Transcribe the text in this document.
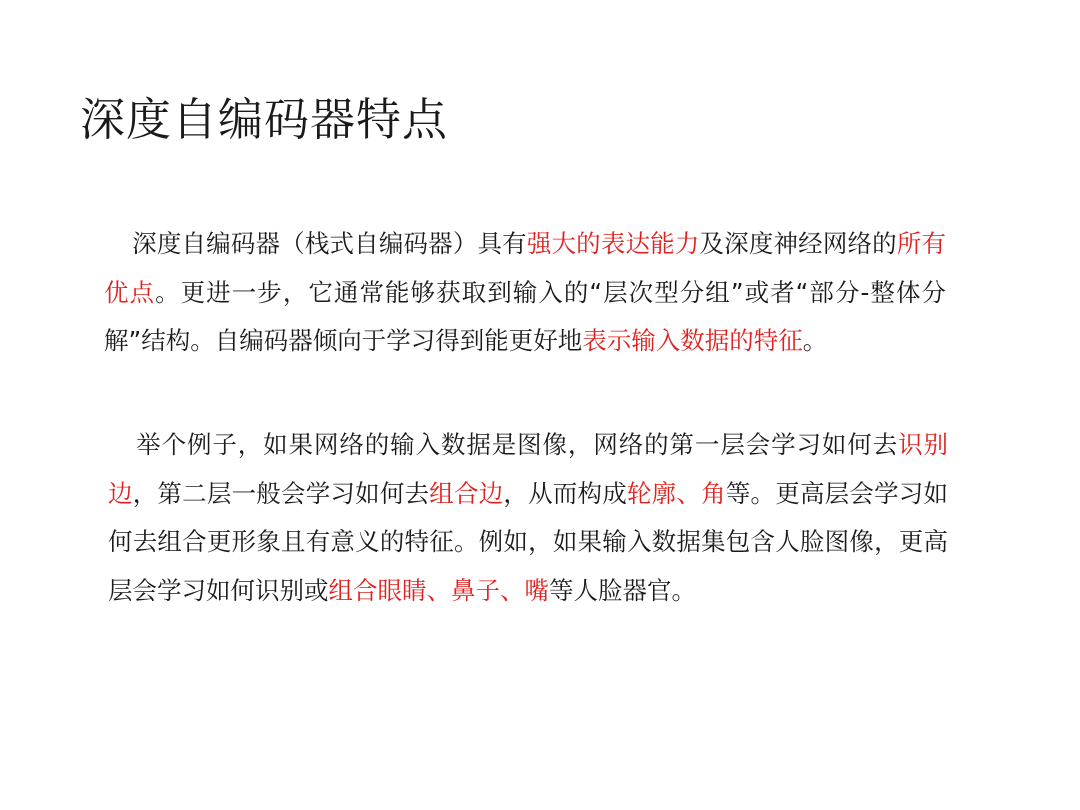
深度自编码器特点

深度自编码器（栈式自编码器）具有强大的表达能力及深度神经网络的所有优点。更进一步，它通常能够获取到输入的“层次型分组”或者“部分-整体分解”结构。自编码器倾向于学习得到能更好地表示输入数据的特征。

举个例子，如果网络的输入数据是图像，网络的第一层会学习如何去识别边，第二层一般会学习如何去组合边，从而构成轮廓、角等。更高层会学习如何去组合更形象且有意义的特征。例如，如果输入数据集包含人脸图像，更高层会学习如何识别或组合眼睛、鼻子、嘴等人脸器官。
